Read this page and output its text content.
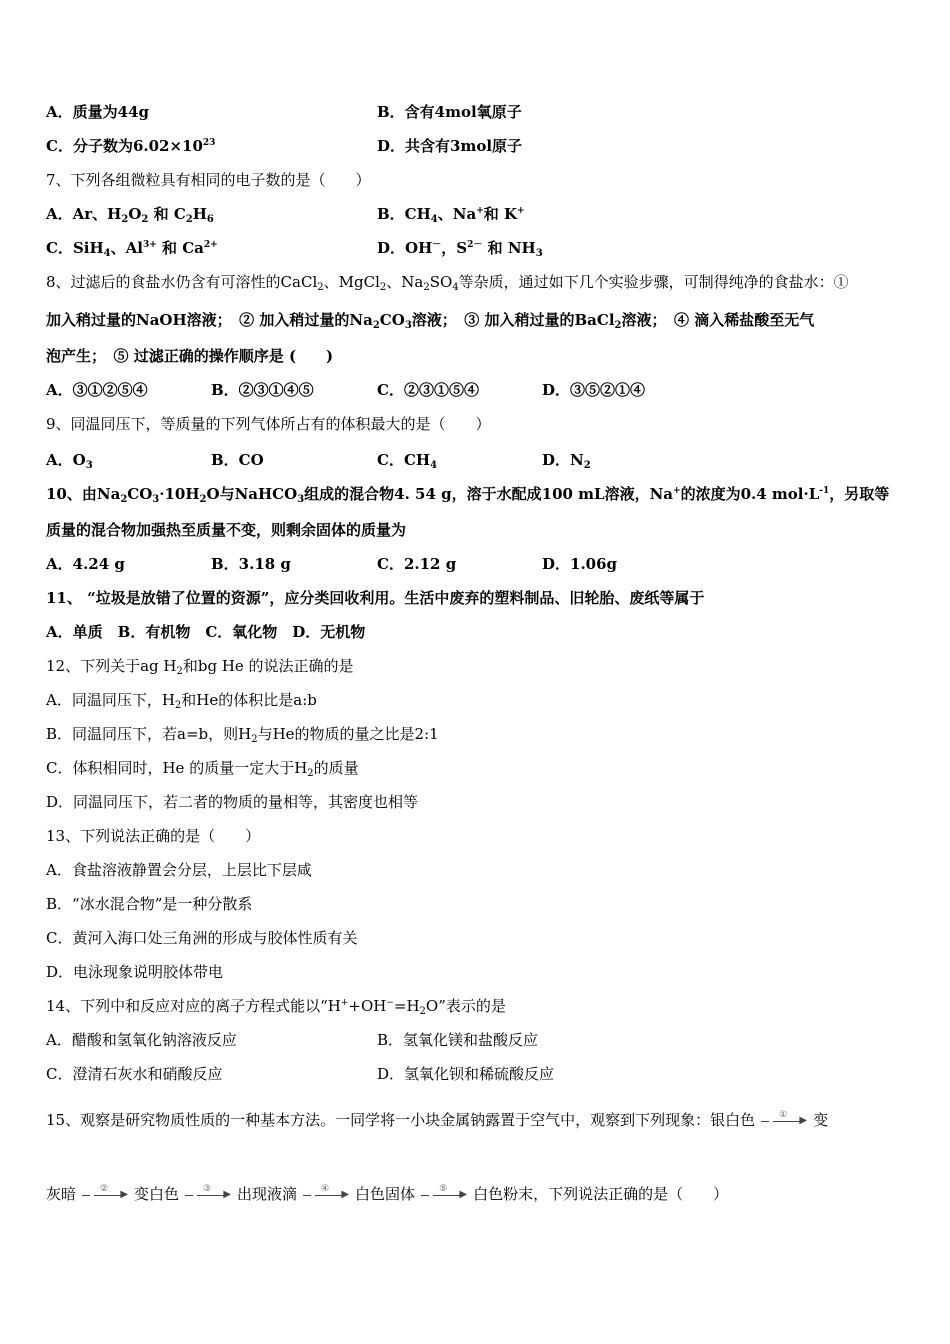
A．质量为44g	B．含有4mol氧原子
C．分子数为$6.02\times 10^{23}$	D．共含有3mol原子
7、下列各组微粒具有相同的电子数的是（　　）
A．Ar、$H_2O_2$ 和 $C_2H_6$	B．$CH_4$、Na+和 K+
C．SiH$_4$、$Al^{3+}$ 和 $Ca^{2+}$	D．OH－，$S^{2-}$ 和 $NH_3$
8、过滤后的食盐水仍含有可溶性的CaCl$_2$、MgCl$_2$、$Na_2SO_4$等杂质，通过如下几个实验步骤，可制得纯净的食盐水：①
加入稍过量的NaOH溶液；　② 加入稍过量的$Na_2CO_3$溶液；　③ 加入稍过量的BaCl$_2$溶液；　④ 滴入稀盐酸至无气
泡产生；　⑤ 过滤正确的操作顺序是 (　　)
A．③①②⑤④	B．②③①④⑤	C．②③①⑤④	D．③⑤②①④
9、同温同压下，等质量的下列气体所占有的体积最大的是（　　）
A．$O_3$	B．CO	C．$CH_4$	D．$N_2$
10、由$Na_2CO_3\cdot 10H_2O$与NaHCO$_3$组成的混合物4. 54 g，溶于水配成100 mL溶液，Na+的浓度为0.4 $mol\cdot L^{-1}$，另取等
质量的混合物加强热至质量不变，则剩余固体的质量为
A．4.24 g	B．3.18 g	C．2.12 g	D．1.06g
11、 “垃圾是放错了位置的资源”，应分类回收利用。生活中废弃的塑料制品、旧轮胎、废纸等属于
A．单质　B．有机物　C．氧化物　D．无机物
12、下列关于ag $H_2$和bg He 的说法正确的是
A．同温同压下，$H_2$和He的体积比是a:b
B．同温同压下，若a=b，则$H_2$与He的物质的量之比是2:1
C．体积相同时，He 的质量一定大于$H_2$的质量
D．同温同压下，若二者的物质的量相等，其密度也相等
13、下列说法正确的是（　　）
A．食盐溶液静置会分层，上层比下层咸
B．“冰水混合物”是一种分散系
C．黄河入海口处三角洲的形成与胶体性质有关
D．电泳现象说明胶体带电
14、下列中和反应对应的离子方程式能以“$H^++OH^-=H_2O$”表示的是
A．醋酸和氢氧化钠溶液反应	B．氢氧化镁和盐酸反应
C．澄清石灰水和硝酸反应	D．氢氧化钡和稀硫酸反应
15、观察是研究物质性质的一种基本方法。一同学将一小块金属钠露置于空气中，观察到下列现象：银白色	▶
① 变
灰暗	▶
② 变白色	▶
③ 出现液滴	▶
④ 白色固体	▶
⑤ 白色粉末，下列说法正确的是（　　）
